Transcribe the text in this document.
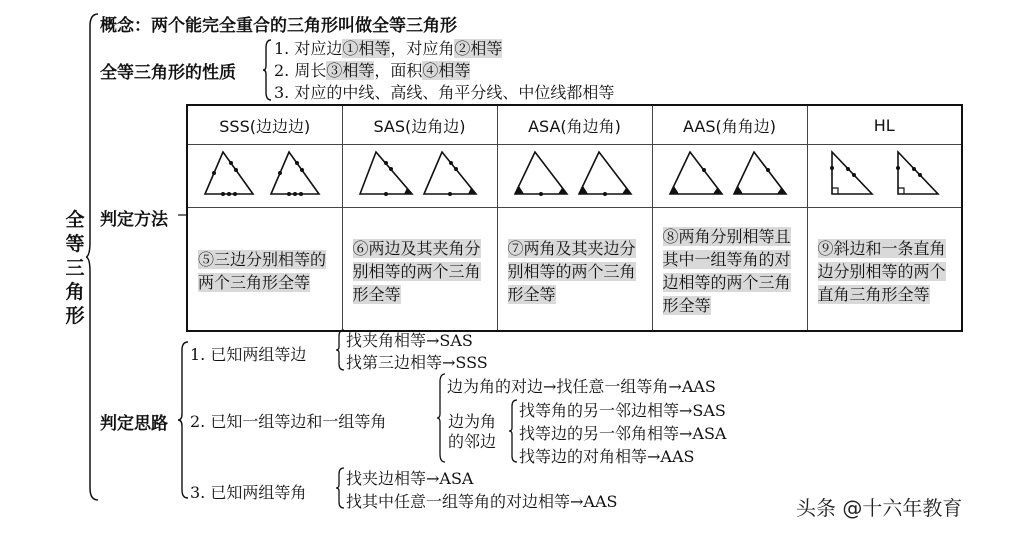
全
等
三
角
形
概念：两个能完全重合的三角形叫做全等三角形
全等三角形的性质
1. 对应边①相等，对应角②相等
2. 周长③相等，面积④相等
3. 对应的中线、高线、角平分线、中位线都相等
判定方法
SSS(边边边)	SAS(边角边)	ASA(角边角)	AAS(角角边)	HL

⑤三边分别相等的两个三角形全等	⑥两边及其夹角分别相等的两个三角形全等	⑦两角及其夹边分别相等的两个三角形全等	⑧两角分别相等且其中一组等角的对边相等的两个三角形全等	⑨斜边和一条直角边分别相等的两个直角三角形全等
判定思路
1. 已知两组等边
找夹角相等→SAS
找第三边相等→SSS
2. 已知一组等边和一组等角
边为角的对边→找任意一组等角→AAS
边为角
的邻边
找等角的另一邻边相等→SAS
找等边的另一邻角相等→ASA
找等边的对角相等→AAS
3. 已知两组等角
找夹边相等→ASA
找其中任意一组等角的对边相等→AAS	头条 @十六年教育
